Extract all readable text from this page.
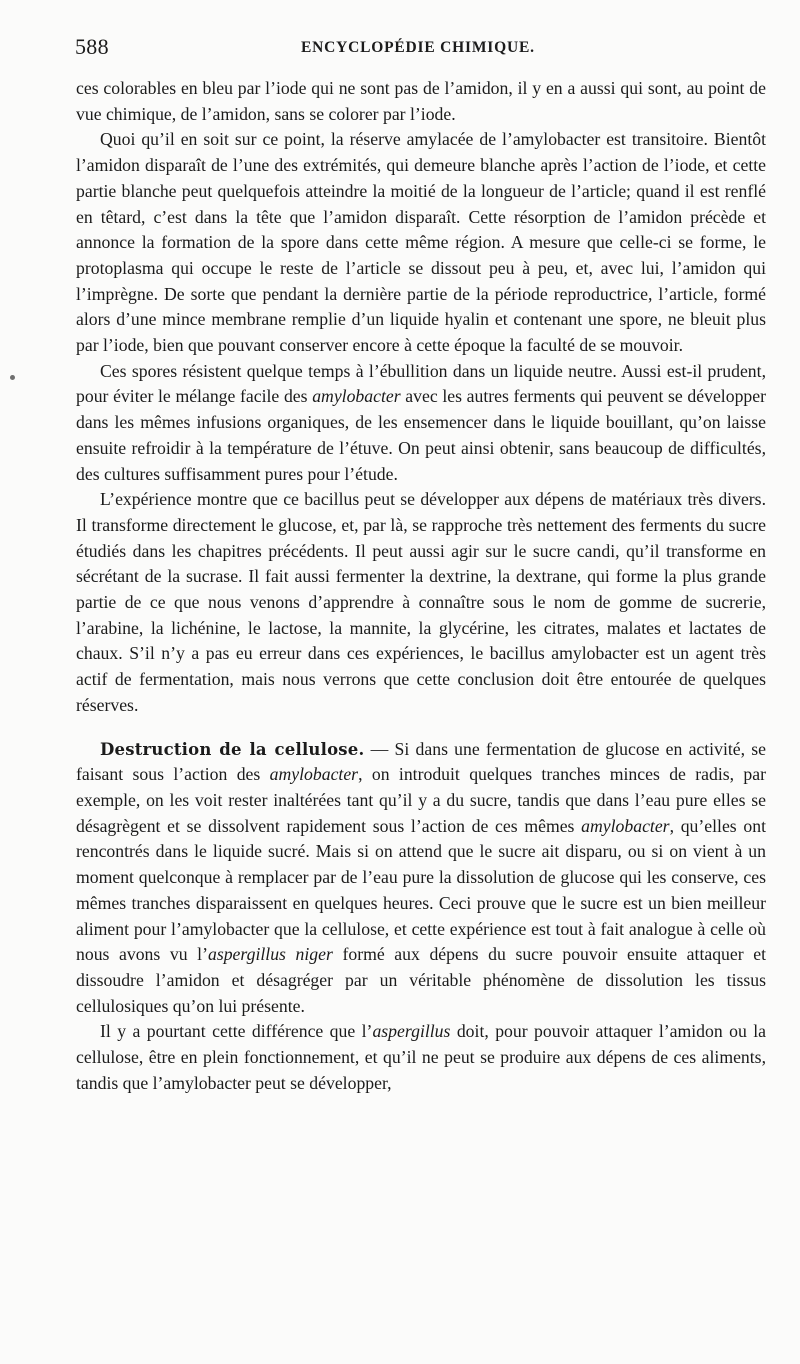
588	ENCYCLOPÉDIE CHIMIQUE.

ces colorables en bleu par l’iode qui ne sont pas de l’amidon, il y en a aussi qui sont, au point de vue chimique, de l’amidon, sans se colorer par l’iode.

Quoi qu’il en soit sur ce point, la réserve amylacée de l’amylobacter est transitoire. Bientôt l’amidon disparaît de l’une des extrémités, qui demeure blanche après l’action de l’iode, et cette partie blanche peut quelquefois atteindre la moitié de la longueur de l’article; quand il est renflé en têtard, c’est dans la tête que l’amidon disparaît. Cette résorption de l’amidon précède et annonce la formation de la spore dans cette même région. A mesure que celle-ci se forme, le protoplasma qui occupe le reste de l’article se dissout peu à peu, et, avec lui, l’amidon qui l’imprègne. De sorte que pendant la dernière partie de la période reproductrice, l’article, formé alors d’une mince membrane remplie d’un liquide hyalin et contenant une spore, ne bleuit plus par l’iode, bien que pouvant conserver encore à cette époque la faculté de se mouvoir.

Ces spores résistent quelque temps à l’ébullition dans un liquide neutre. Aussi est-il prudent, pour éviter le mélange facile des amylobacter avec les autres ferments qui peuvent se développer dans les mêmes infusions organiques, de les ensemencer dans le liquide bouillant, qu’on laisse ensuite refroidir à la température de l’étuve. On peut ainsi obtenir, sans beaucoup de difficultés, des cultures suffisamment pures pour l’étude.

L’expérience montre que ce bacillus peut se développer aux dépens de matériaux très divers. Il transforme directement le glucose, et, par là, se rapproche très nettement des ferments du sucre étudiés dans les chapitres précédents. Il peut aussi agir sur le sucre candi, qu’il transforme en sécrétant de la sucrase. Il fait aussi fermenter la dextrine, la dextrane, qui forme la plus grande partie de ce que nous venons d’apprendre à connaître sous le nom de gomme de sucrerie, l’arabine, la lichénine, le lactose, la mannite, la glycérine, les citrates, malates et lactates de chaux. S’il n’y a pas eu erreur dans ces expériences, le bacillus amylobacter est un agent très actif de fermentation, mais nous verrons que cette conclusion doit être entourée de quelques réserves.

Destruction de la cellulose. — Si dans une fermentation de glucose en activité, se faisant sous l’action des amylobacter, on introduit quelques tranches minces de radis, par exemple, on les voit rester inaltérées tant qu’il y a du sucre, tandis que dans l’eau pure elles se désagrègent et se dissolvent rapidement sous l’action de ces mêmes amylobacter, qu’elles ont rencontrés dans le liquide sucré. Mais si on attend que le sucre ait disparu, ou si on vient à un moment quelconque à remplacer par de l’eau pure la dissolution de glucose qui les conserve, ces mêmes tranches disparaissent en quelques heures. Ceci prouve que le sucre est un bien meilleur aliment pour l’amylobacter que la cellulose, et cette expérience est tout à fait analogue à celle où nous avons vu l’aspergillus niger formé aux dépens du sucre pouvoir ensuite attaquer et dissoudre l’amidon et désagréger par un véritable phénomène de dissolution les tissus cellulosiques qu’on lui présente.

Il y a pourtant cette différence que l’aspergillus doit, pour pouvoir attaquer l’amidon ou la cellulose, être en plein fonctionnement, et qu’il ne peut se produire aux dépens de ces aliments, tandis que l’amylobacter peut se développer,
